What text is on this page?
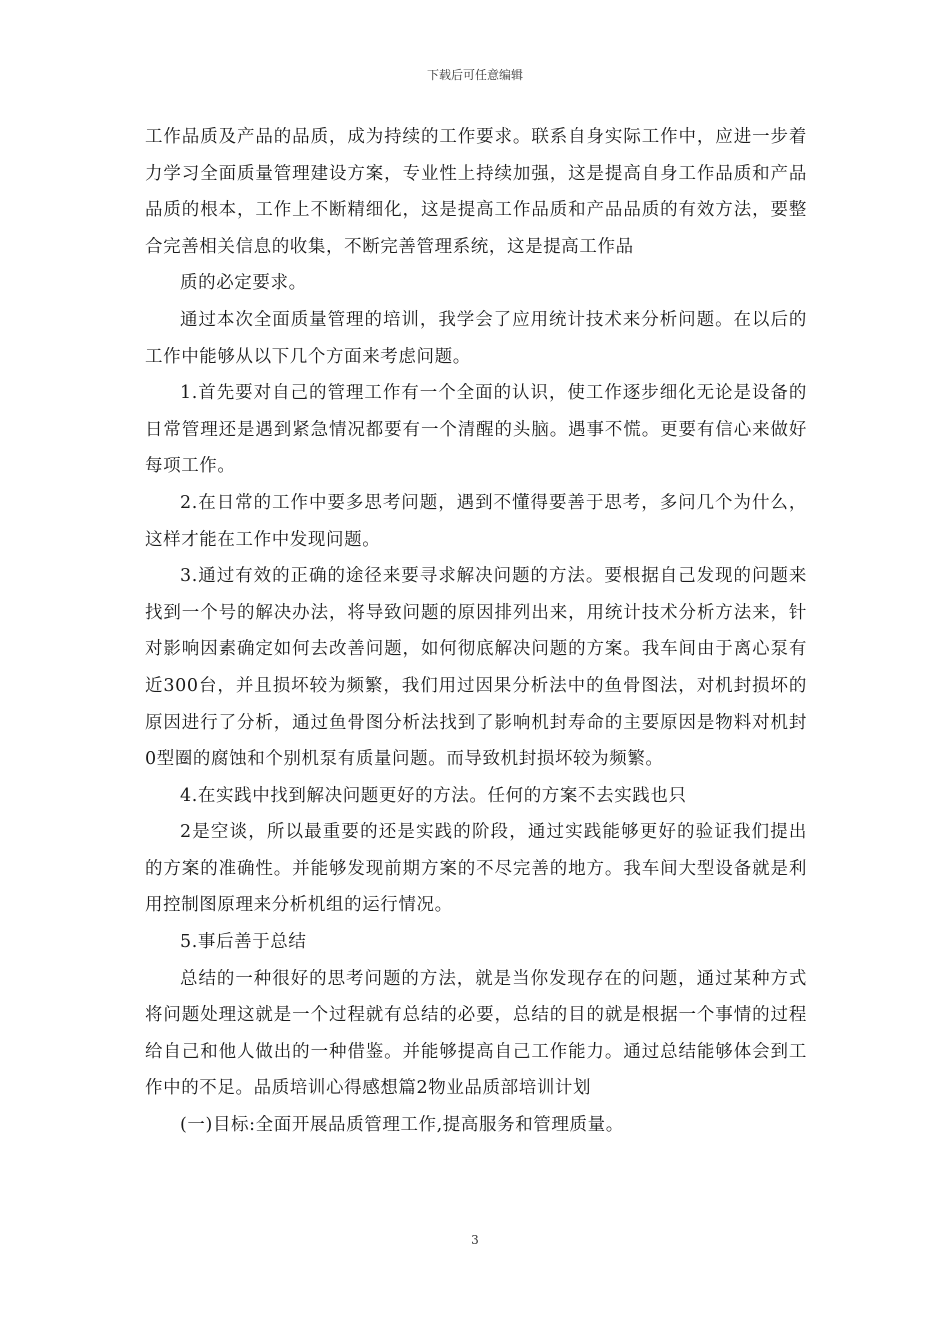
下载后可任意编辑

工作品质及产品的品质，成为持续的工作要求。联系自身实际工作中，应进一步着力学习全面质量管理建设方案，专业性上持续加强，这是提高自身工作品质和产品品质的根本，工作上不断精细化，这是提高工作品质和产品品质的有效方法，要整合完善相关信息的收集，不断完善管理系统，这是提高工作品

质的必定要求。

通过本次全面质量管理的培训，我学会了应用统计技术来分析问题。在以后的工作中能够从以下几个方面来考虑问题。

1.首先要对自己的管理工作有一个全面的认识，使工作逐步细化无论是设备的日常管理还是遇到紧急情况都要有一个清醒的头脑。遇事不慌。更要有信心来做好每项工作。

2.在日常的工作中要多思考问题，遇到不懂得要善于思考，多问几个为什么，这样才能在工作中发现问题。

3.通过有效的正确的途径来要寻求解决问题的方法。要根据自己发现的问题来找到一个号的解决办法，将导致问题的原因排列出来，用统计技术分析方法来，针对影响因素确定如何去改善问题，如何彻底解决问题的方案。我车间由于离心泵有近300台，并且损坏较为频繁，我们用过因果分析法中的鱼骨图法，对机封损坏的原因进行了分析，通过鱼骨图分析法找到了影响机封寿命的主要原因是物料对机封0型圈的腐蚀和个别机泵有质量问题。而导致机封损坏较为频繁。

4.在实践中找到解决问题更好的方法。任何的方案不去实践也只

2是空谈，所以最重要的还是实践的阶段，通过实践能够更好的验证我们提出的方案的准确性。并能够发现前期方案的不尽完善的地方。我车间大型设备就是利用控制图原理来分析机组的运行情况。

5.事后善于总结

总结的一种很好的思考问题的方法，就是当你发现存在的问题，通过某种方式将问题处理这就是一个过程就有总结的必要，总结的目的就是根据一个事情的过程给自己和他人做出的一种借鉴。并能够提高自己工作能力。通过总结能够体会到工作中的不足。品质培训心得感想篇2物业品质部培训计划

(一)目标:全面开展品质管理工作,提高服务和管理质量。

3
